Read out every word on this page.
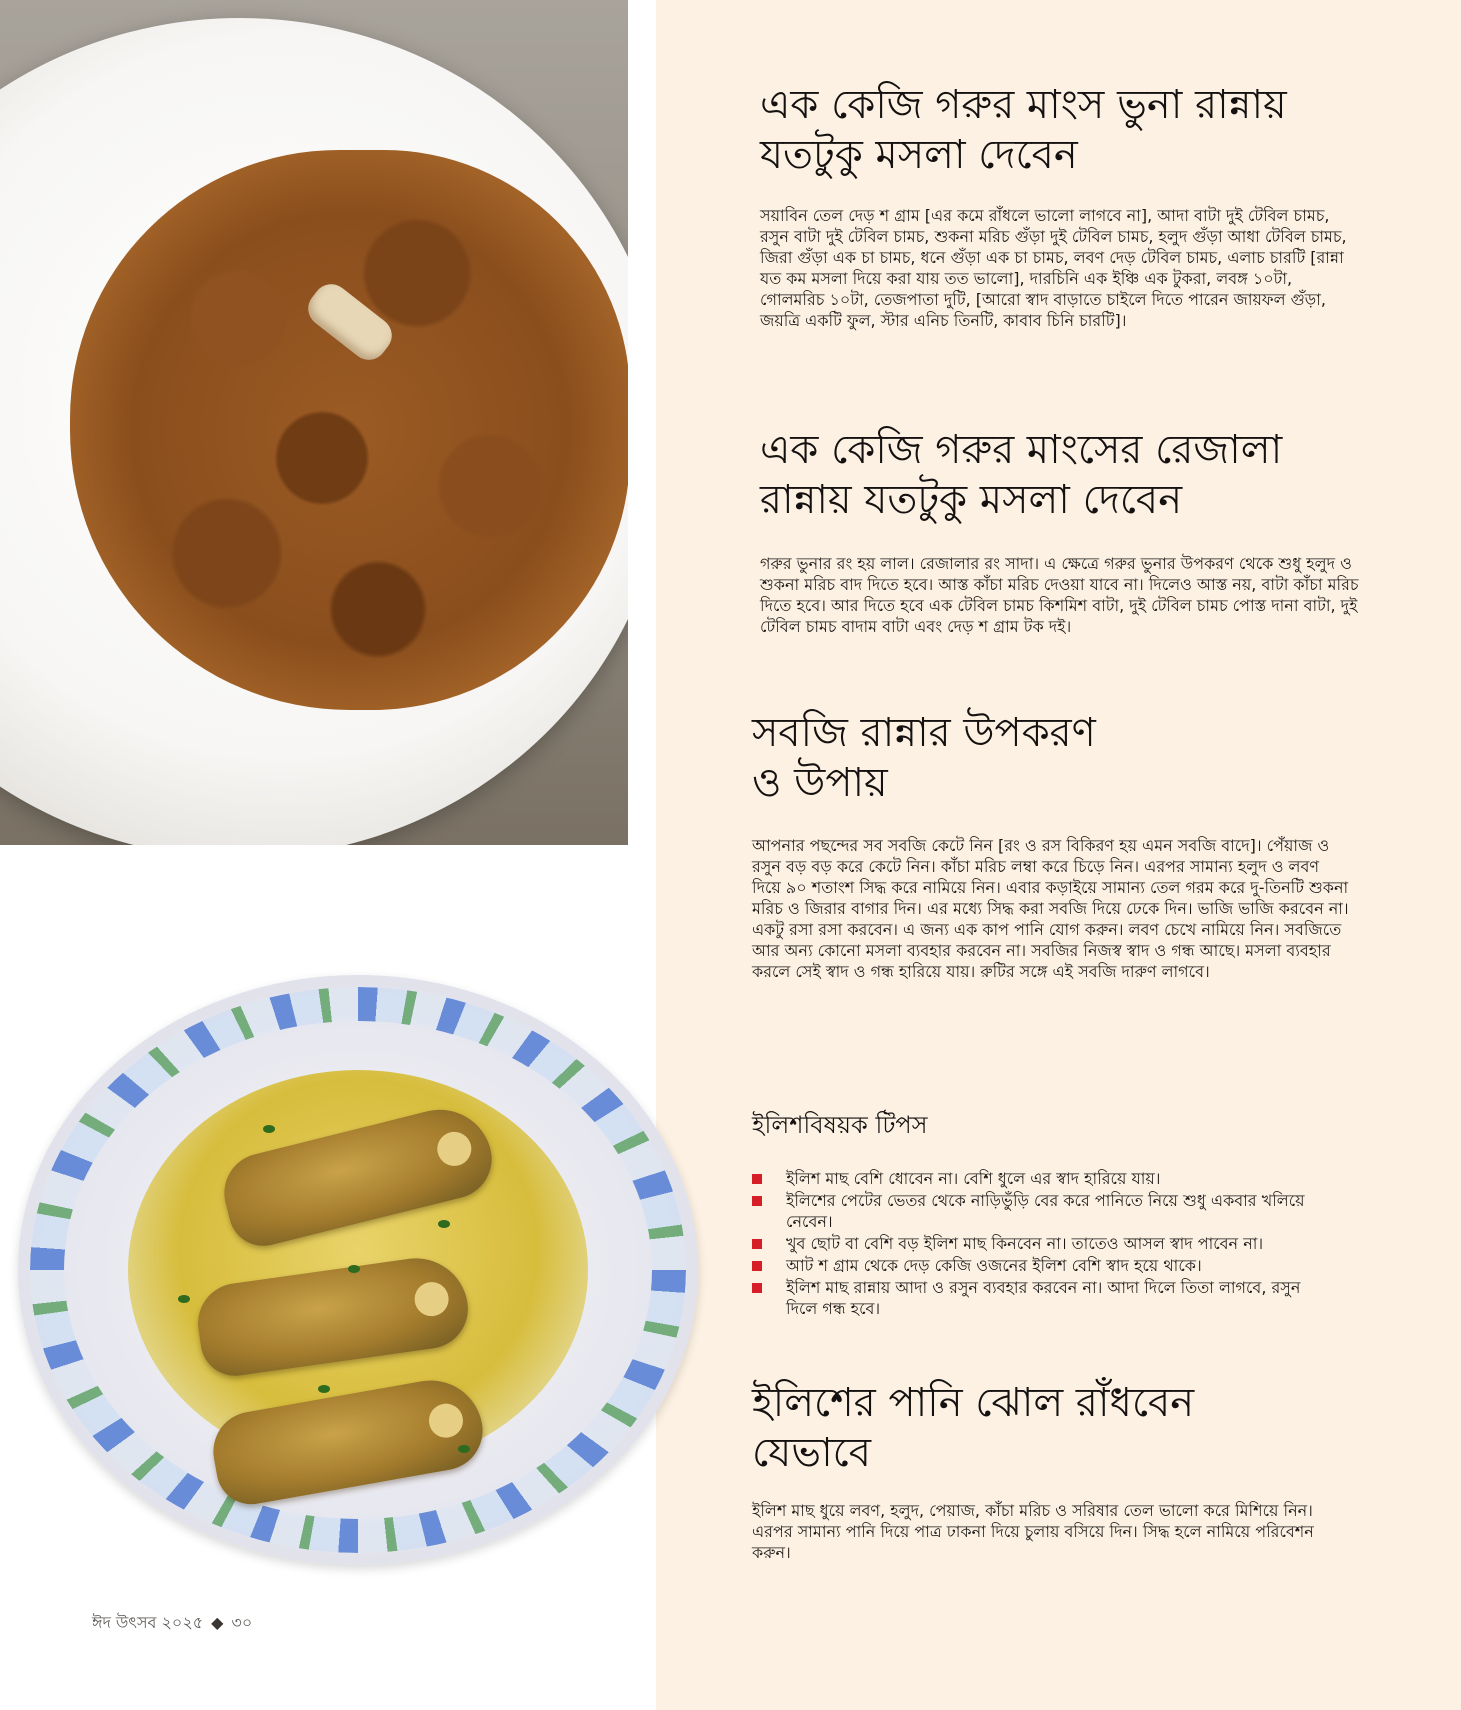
এক কেজি গরুর মাংস ভুনা রান্নায়
যতটুকু মসলা দেবেন

সয়াবিন তেল দেড় শ গ্রাম [এর কমে রাঁধলে ভালো লাগবে না], আদা বাটা দুই টেবিল চামচ, রসুন বাটা দুই টেবিল চামচ, শুকনা মরিচ গুঁড়া দুই টেবিল চামচ, হলুদ গুঁড়া আধা টেবিল চামচ, জিরা গুঁড়া এক চা চামচ, ধনে গুঁড়া এক চা চামচ, লবণ দেড় টেবিল চামচ, এলাচ চারটি [রান্না যত কম মসলা দিয়ে করা যায় তত ভালো], দারচিনি এক ইঞ্চি এক টুকরা, লবঙ্গ ১০টা, গোলমরিচ ১০টা, তেজপাতা দুটি, [আরো স্বাদ বাড়াতে চাইলে দিতে পারেন জায়ফল গুঁড়া, জয়ত্রি একটি ফুল, স্টার এনিচ তিনটি, কাবাব চিনি চারটি]।

এক কেজি গরুর মাংসের রেজালা
রান্নায় যতটুকু মসলা দেবেন

গরুর ভুনার রং হয় লাল। রেজালার রং সাদা। এ ক্ষেত্রে গরুর ভুনার উপকরণ থেকে শুধু হলুদ ও শুকনা মরিচ বাদ দিতে হবে। আস্ত কাঁচা মরিচ দেওয়া যাবে না। দিলেও আস্ত নয়, বাটা কাঁচা মরিচ দিতে হবে। আর দিতে হবে এক টেবিল চামচ কিশমিশ বাটা, দুই টেবিল চামচ পোস্ত দানা বাটা, দুই টেবিল চামচ বাদাম বাটা এবং দেড় শ গ্রাম টক দই।

সবজি রান্নার উপকরণ
ও উপায়

আপনার পছন্দের সব সবজি কেটে নিন [রং ও রস বিকিরণ হয় এমন সবজি বাদে]। পেঁয়াজ ও রসুন বড় বড় করে কেটে নিন। কাঁচা মরিচ লম্বা করে চিড়ে নিন। এরপর সামান্য হলুদ ও লবণ দিয়ে ৯০ শতাংশ সিদ্ধ করে নামিয়ে নিন। এবার কড়াইয়ে সামান্য তেল গরম করে দু-তিনটি শুকনা মরিচ ও জিরার বাগার দিন। এর মধ্যে সিদ্ধ করা সবজি দিয়ে ঢেকে দিন। ভাজি ভাজি করবেন না। একটু রসা রসা করবেন। এ জন্য এক কাপ পানি যোগ করুন। লবণ চেখে নামিয়ে নিন। সবজিতে আর অন্য কোনো মসলা ব্যবহার করবেন না। সবজির নিজস্ব স্বাদ ও গন্ধ আছে। মসলা ব্যবহার করলে সেই স্বাদ ও গন্ধ হারিয়ে যায়। রুটির সঙ্গে এই সবজি দারুণ লাগবে।

ইলিশবিষয়ক টিপস
ইলিশ মাছ বেশি ধোবেন না। বেশি ধুলে এর স্বাদ হারিয়ে যায়।
ইলিশের পেটের ভেতর থেকে নাড়িভুঁড়ি বের করে পানিতে নিয়ে শুধু একবার খলিয়ে নেবেন।
খুব ছোট বা বেশি বড় ইলিশ মাছ কিনবেন না। তাতেও আসল স্বাদ পাবেন না।
আট শ গ্রাম থেকে দেড় কেজি ওজনের ইলিশ বেশি স্বাদ হয়ে থাকে।
ইলিশ মাছ রান্নায় আদা ও রসুন ব্যবহার করবেন না। আদা দিলে তিতা লাগবে, রসুন দিলে গন্ধ হবে।
ইলিশের পানি ঝোল রাঁধবেন
যেভাবে

ইলিশ মাছ ধুয়ে লবণ, হলুদ, পেয়াজ, কাঁচা মরিচ ও সরিষার তেল ভালো করে মিশিয়ে নিন। এরপর সামান্য পানি দিয়ে পাত্র ঢাকনা দিয়ে চুলায় বসিয়ে দিন। সিদ্ধ হলে নামিয়ে পরিবেশন করুন।

ঈদ উৎসব ২০২৫ ◆ ৩০
